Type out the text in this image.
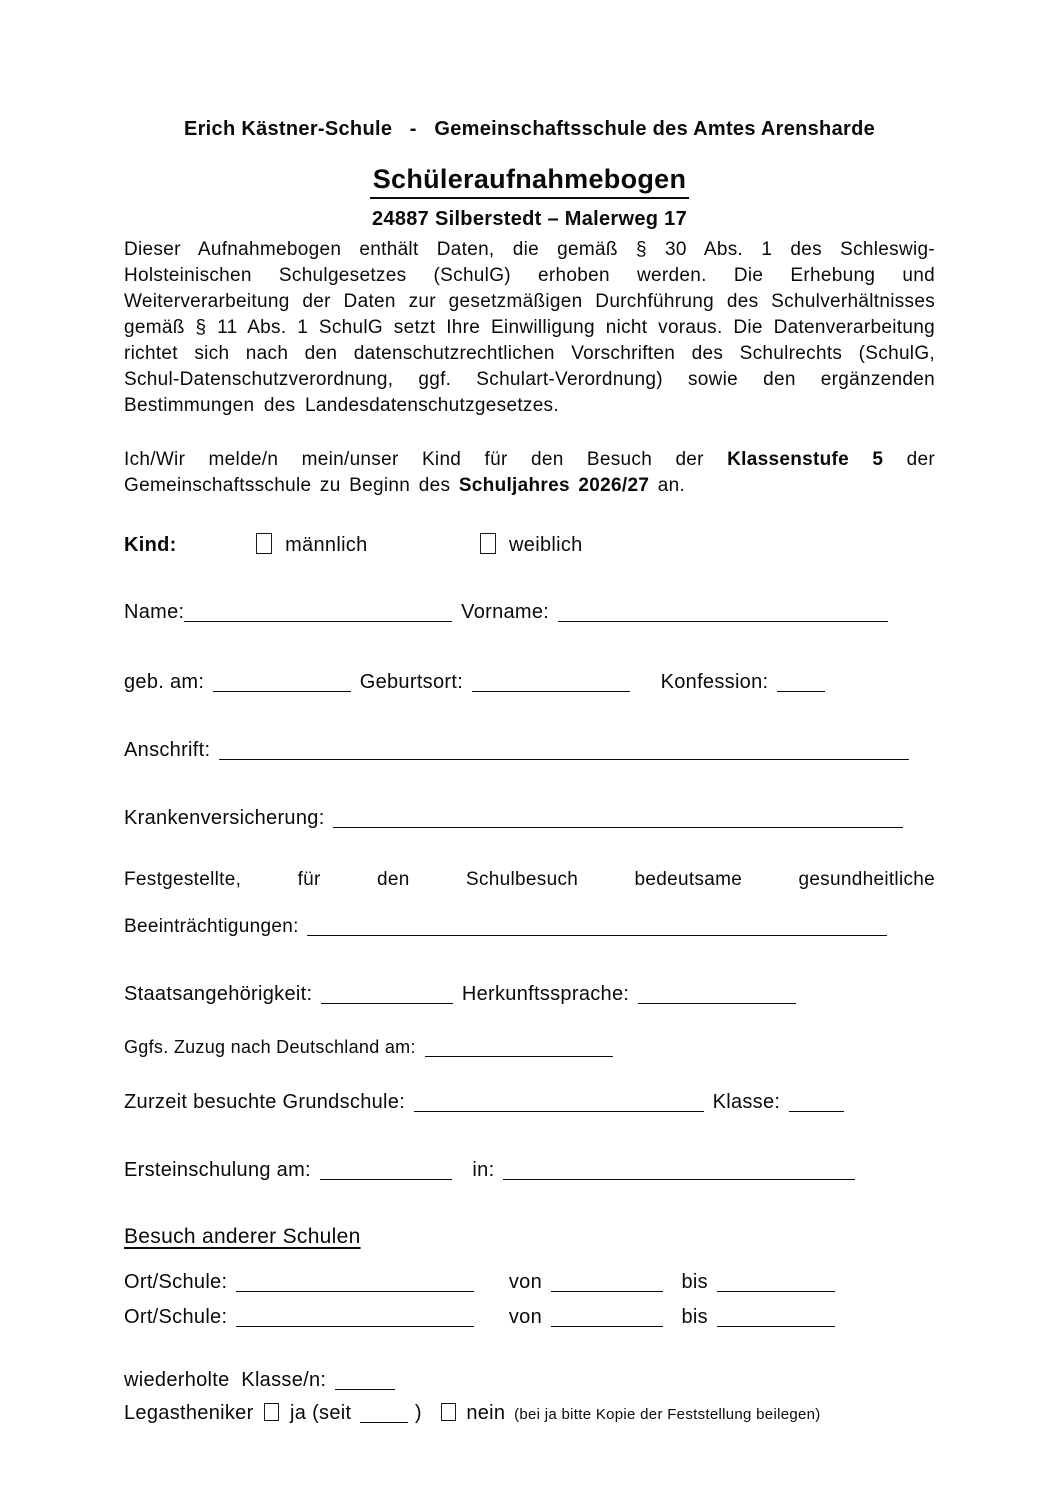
Erich Kästner-Schule   -   Gemeinschaftsschule des Amtes Arensharde

24887 Silberstedt – Malerweg 17

Schüleraufnahmebogen
Dieser Aufnahmebogen enthält Daten, die gemäß § 30 Abs. 1 des Schleswig-Holsteinischen Schulgesetzes (SchulG) erhoben werden. Die Erhebung und Weiterverarbeitung der Daten zur gesetzmäßigen Durchführung des Schulverhältnisses gemäß § 11 Abs. 1 SchulG setzt Ihre Einwilligung nicht voraus. Die Datenverarbeitung richtet sich nach den datenschutzrechtlichen Vorschriften des Schulrechts (SchulG, Schul-Datenschutzverordnung, ggf. Schulart-Verordnung) sowie den ergänzenden Bestimmungen des Landesdatenschutzgesetzes.
Ich/Wir melde/n mein/unser Kind für den Besuch der Klassenstufe 5 der Gemeinschaftsschule zu Beginn des Schuljahres 2026/27 an.
Kind:	männlich	weiblich
Name:	Vorname:
geb. am:	Geburtsort:	Konfession:
Anschrift:
Krankenversicherung:
Festgestellte, für den Schulbesuch bedeutsame gesundheitliche
Beeinträchtigungen:
Staatsangehörigkeit:	Herkunftssprache:
Ggfs. Zuzug nach Deutschland am:
Zurzeit besuchte Grundschule:	Klasse:
Ersteinschulung am:	in:
Besuch anderer Schulen
Ort/Schule:	von	bis
Ort/Schule:	von	bis
wiederholte  Klasse/n:
Legastheniker ja (seit	) nein (bei ja bitte Kopie der Feststellung beilegen)
